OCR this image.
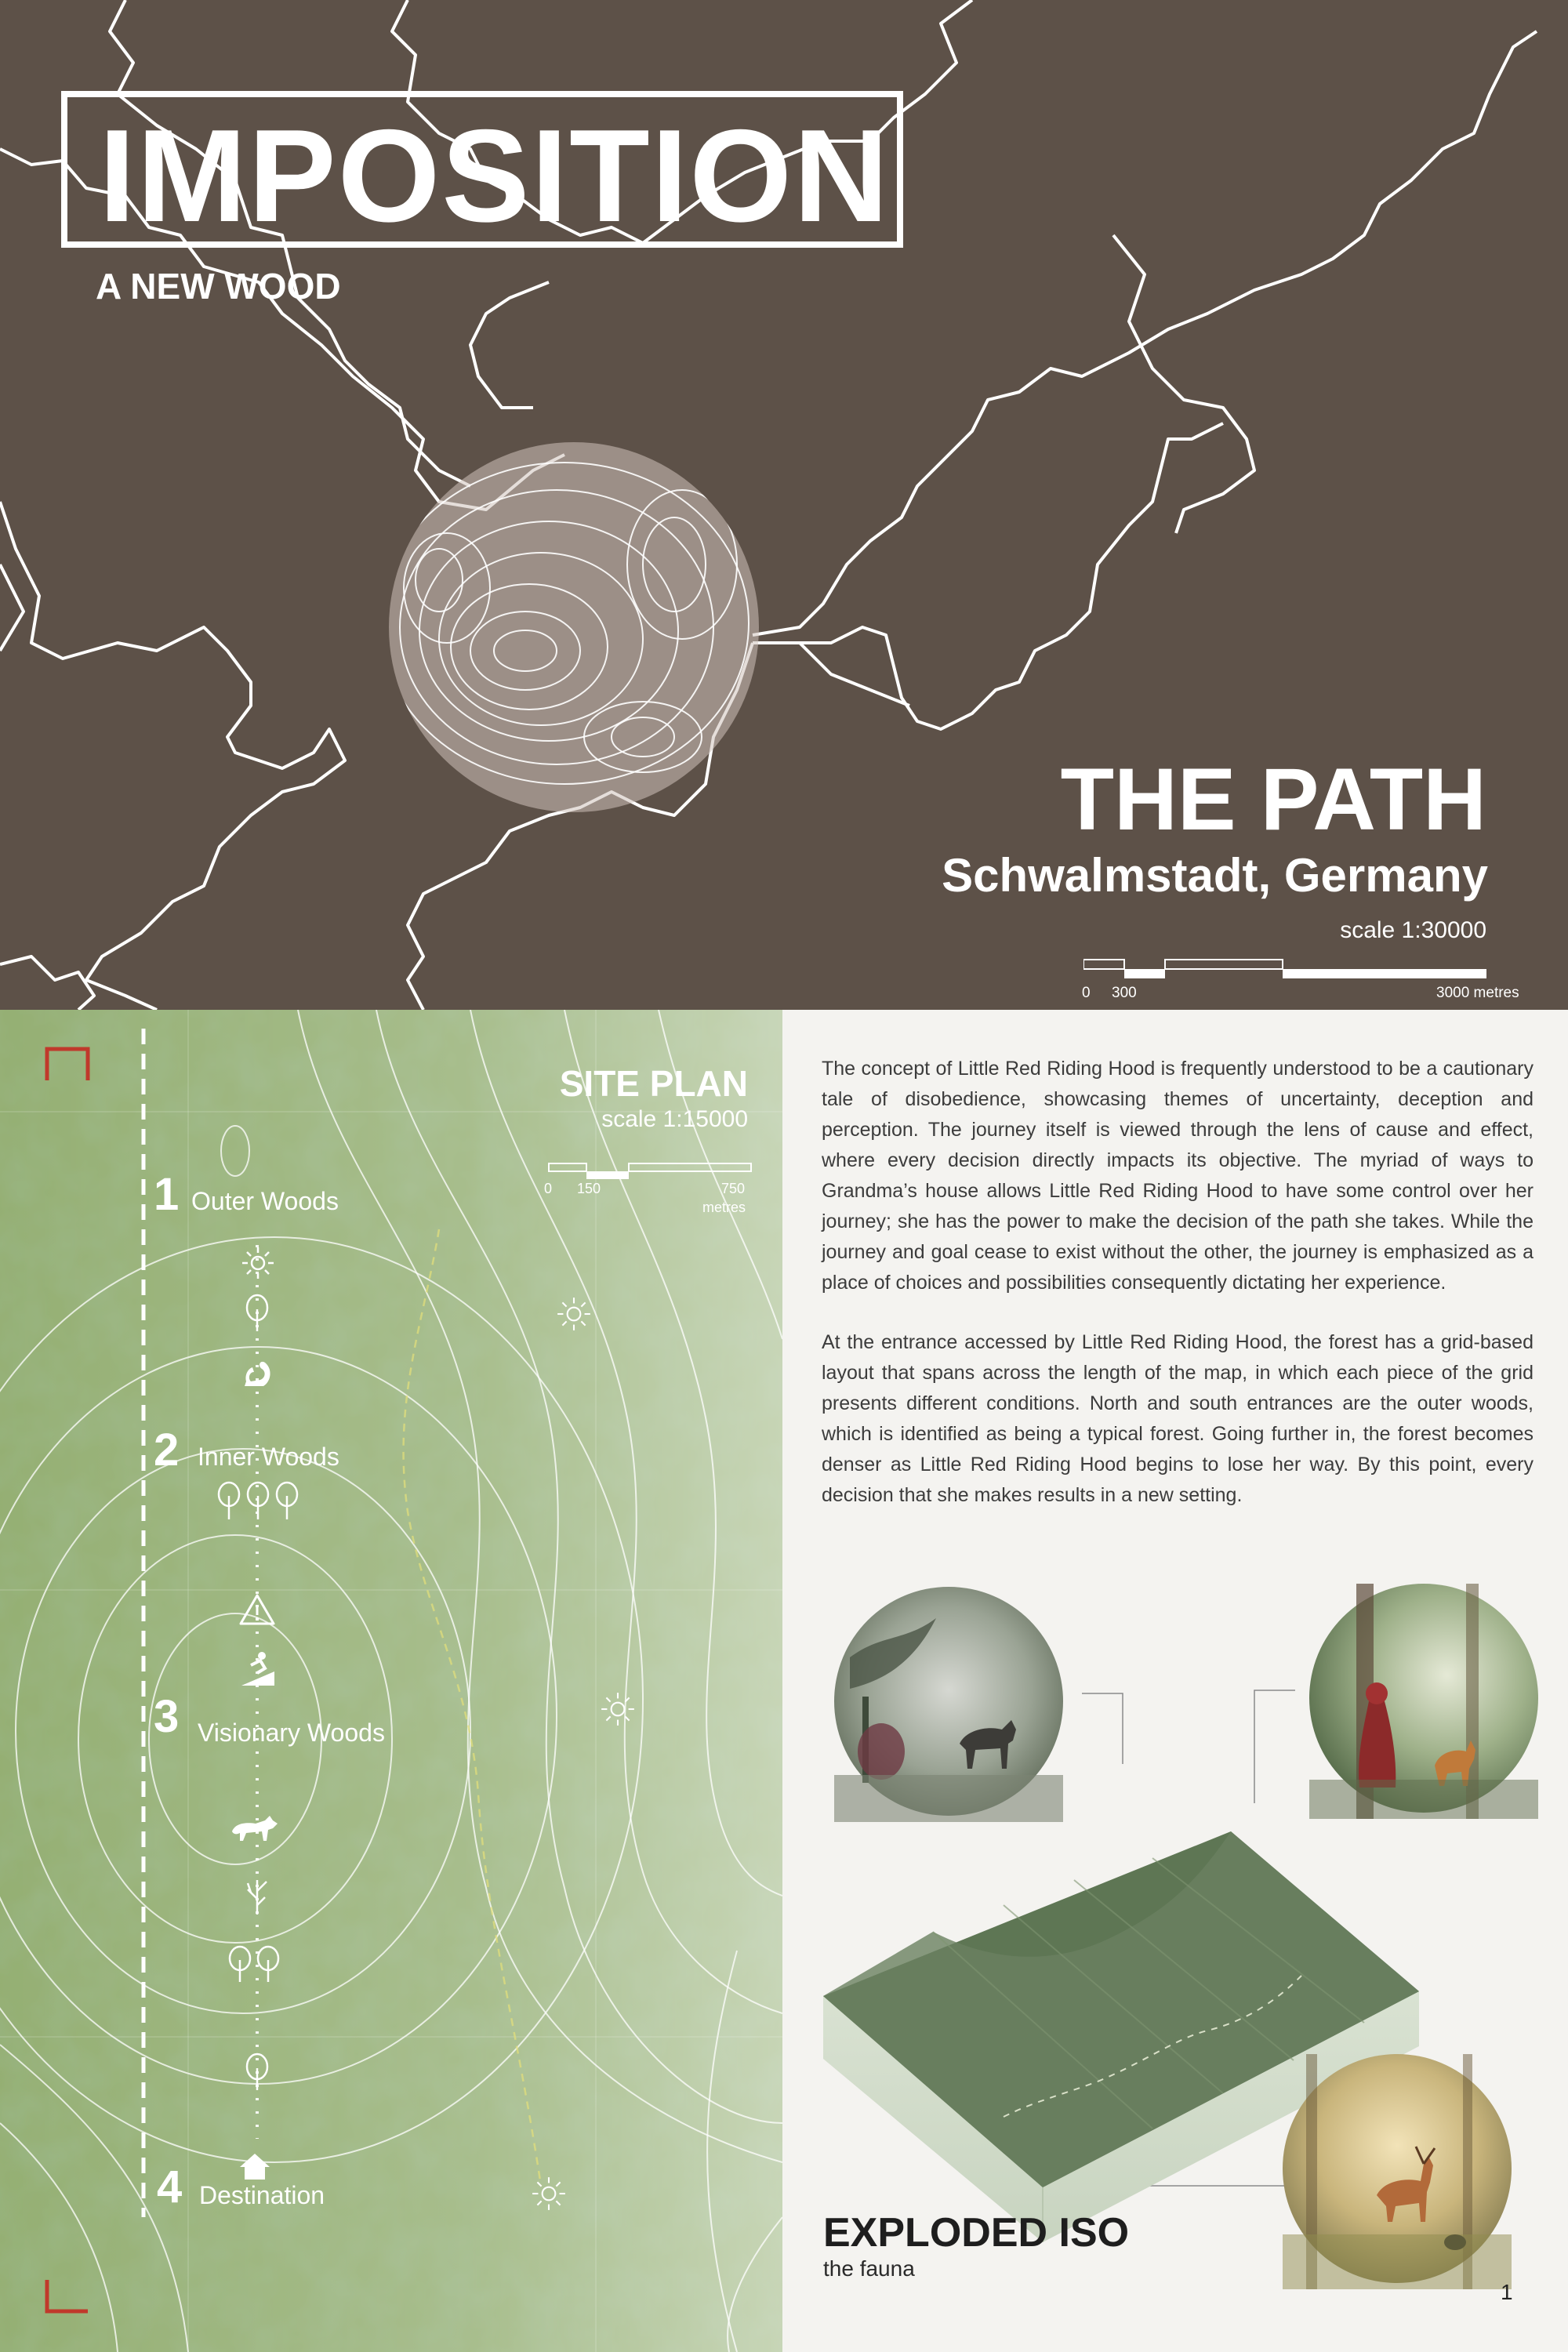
IMPOSITION
A NEW WOOD
THE PATH
Schwalmstadt, Germany
scale 1:30000
0 300	3000 metres
SITE PLAN
scale 1:15000
0 150	750
metres
1 Outer Woods
2 Inner Woods
3 Visionary Woods
4 Destination

The concept of Little Red Riding Hood is frequently understood to be a cautionary tale of disobedience, showcasing themes of uncertainty, deception and perception. The journey itself is viewed through the lens of cause and effect, where every decision directly impacts its objective. The myriad of ways to Grandma’s house allows Little Red Riding Hood to have some control over her journey; she has the power to make the decision of the path she takes. While the journey and goal cease to exist without the other, the journey is emphasized as a place of choices and possibilities consequently dictating her experience.

At the entrance accessed by Little Red Riding Hood, the forest has a grid-based layout that spans across the length of the map, in which each piece of the grid presents different conditions. North and south entrances are the outer woods, which is identified as being a typical forest. Going further in, the forest becomes denser as Little Red Riding Hood begins to lose her way. By this point, every decision that she makes results in a new setting.

EXPLODED ISO
the fauna
1
